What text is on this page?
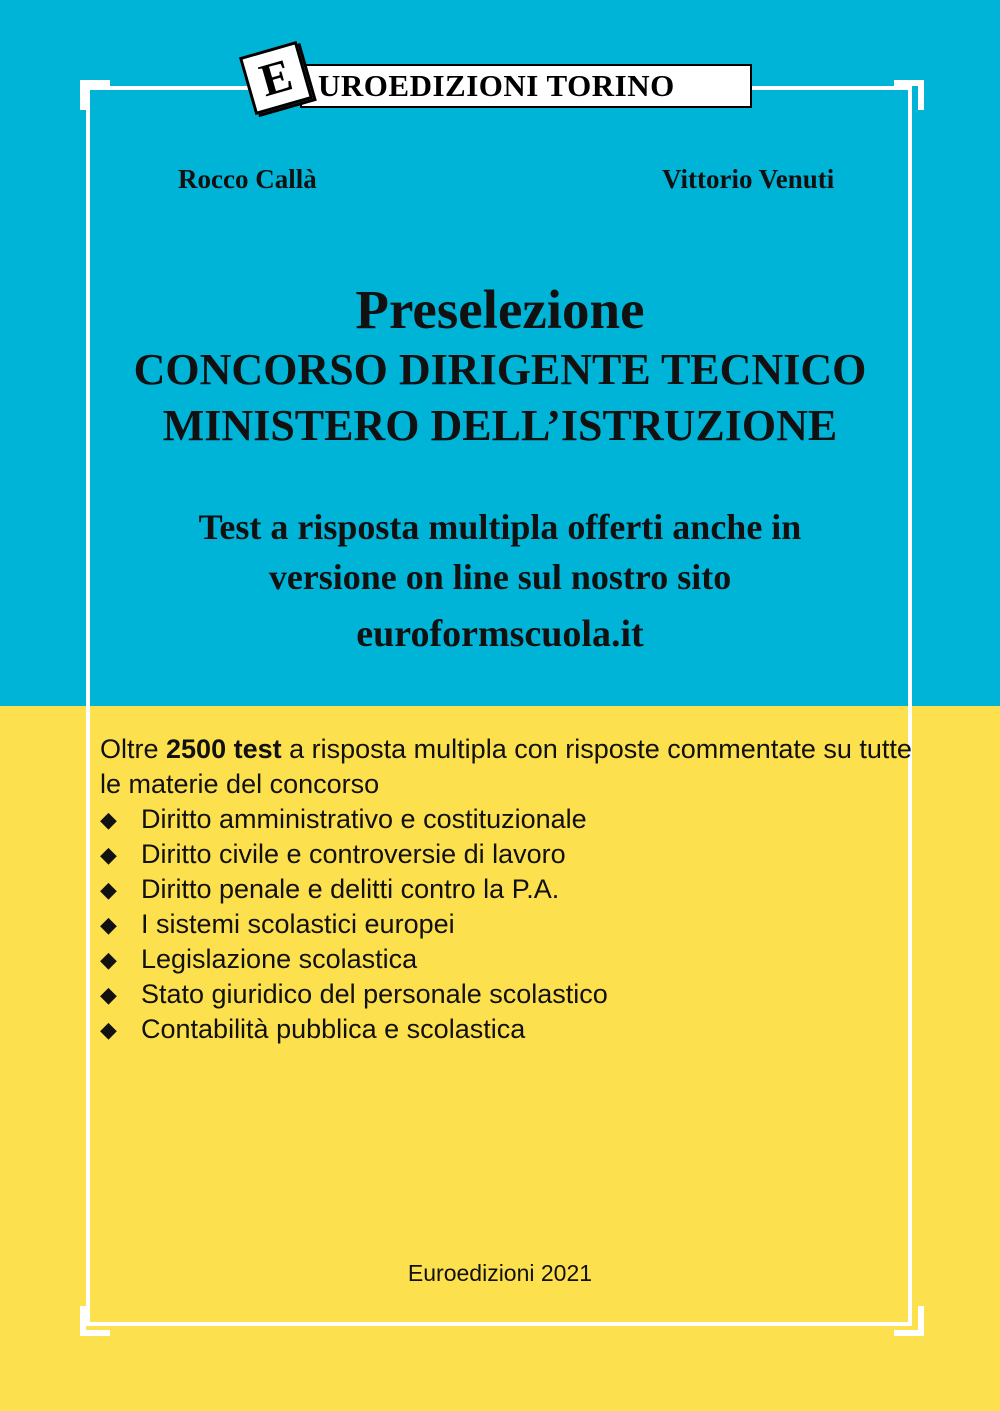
UROEDIZIONI TORINO
E
Rocco Callà	Vittorio Venuti
Preselezione
CONCORSO DIRIGENTE TECNICO
MINISTERO DELL’ISTRUZIONE
Test a risposta multipla offerti anche in
versione on line sul nostro sito
euroformscuola.it
Oltre 2500 test a risposta multipla con risposte commentate su tutte le materie del concorso
◆ Diritto amministrativo e costituzionale
◆ Diritto civile e controversie di lavoro
◆ Diritto penale e delitti contro la P.A.
◆ I sistemi scolastici europei
◆ Legislazione scolastica
◆ Stato giuridico del personale scolastico
◆ Contabilità pubblica e scolastica
Euroedizioni 2021
